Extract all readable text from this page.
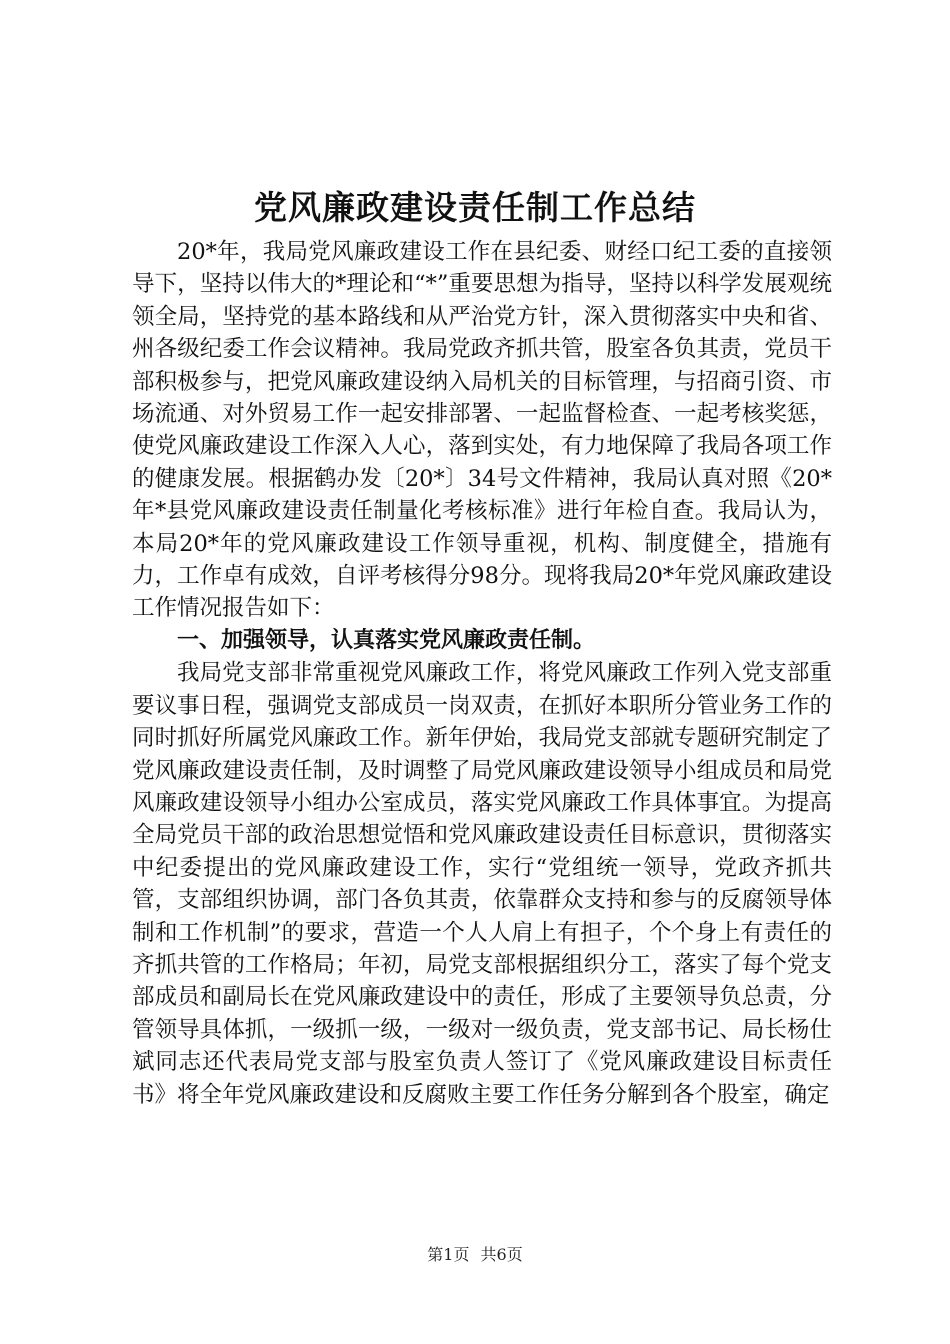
党风廉政建设责任制工作总结

20*年，我局党风廉政建设工作在县纪委、财经口纪工委的直接领导下，坚持以伟大的*理论和“*”重要思想为指导，坚持以科学发展观统领全局，坚持党的基本路线和从严治党方针，深入贯彻落实中央和省、州各级纪委工作会议精神。我局党政齐抓共管，股室各负其责，党员干部积极参与，把党风廉政建设纳入局机关的目标管理，与招商引资、市场流通、对外贸易工作一起安排部署、一起监督检查、一起考核奖惩，使党风廉政建设工作深入人心，落到实处，有力地保障了我局各项工作的健康发展。根据鹤办发〔20*〕34号文件精神，我局认真对照《20*年*县党风廉政建设责任制量化考核标准》进行年检自查。我局认为，本局20*年的党风廉政建设工作领导重视，机构、制度健全，措施有力，工作卓有成效，自评考核得分98分。现将我局20*年党风廉政建设工作情况报告如下：

一、加强领导，认真落实党风廉政责任制。

我局党支部非常重视党风廉政工作，将党风廉政工作列入党支部重要议事日程，强调党支部成员一岗双责，在抓好本职所分管业务工作的同时抓好所属党风廉政工作。新年伊始，我局党支部就专题研究制定了党风廉政建设责任制，及时调整了局党风廉政建设领导小组成员和局党风廉政建设领导小组办公室成员，落实党风廉政工作具体事宜。为提高全局党员干部的政治思想觉悟和党风廉政建设责任目标意识，贯彻落实中纪委提出的党风廉政建设工作，实行“党组统一领导，党政齐抓共管，支部组织协调，部门各负其责，依靠群众支持和参与的反腐领导体制和工作机制”的要求，营造一个人人肩上有担子，个个身上有责任的齐抓共管的工作格局；年初，局党支部根据组织分工，落实了每个党支部成员和副局长在党风廉政建设中的责任，形成了主要领导负总责，分管领导具体抓，一级抓一级，一级对一级负责，党支部书记、局长杨仕斌同志还代表局党支部与股室负责人签订了《党风廉政建设目标责任书》将全年党风廉政建设和反腐败主要工作任务分解到各个股室，确定

第1页 共6页
